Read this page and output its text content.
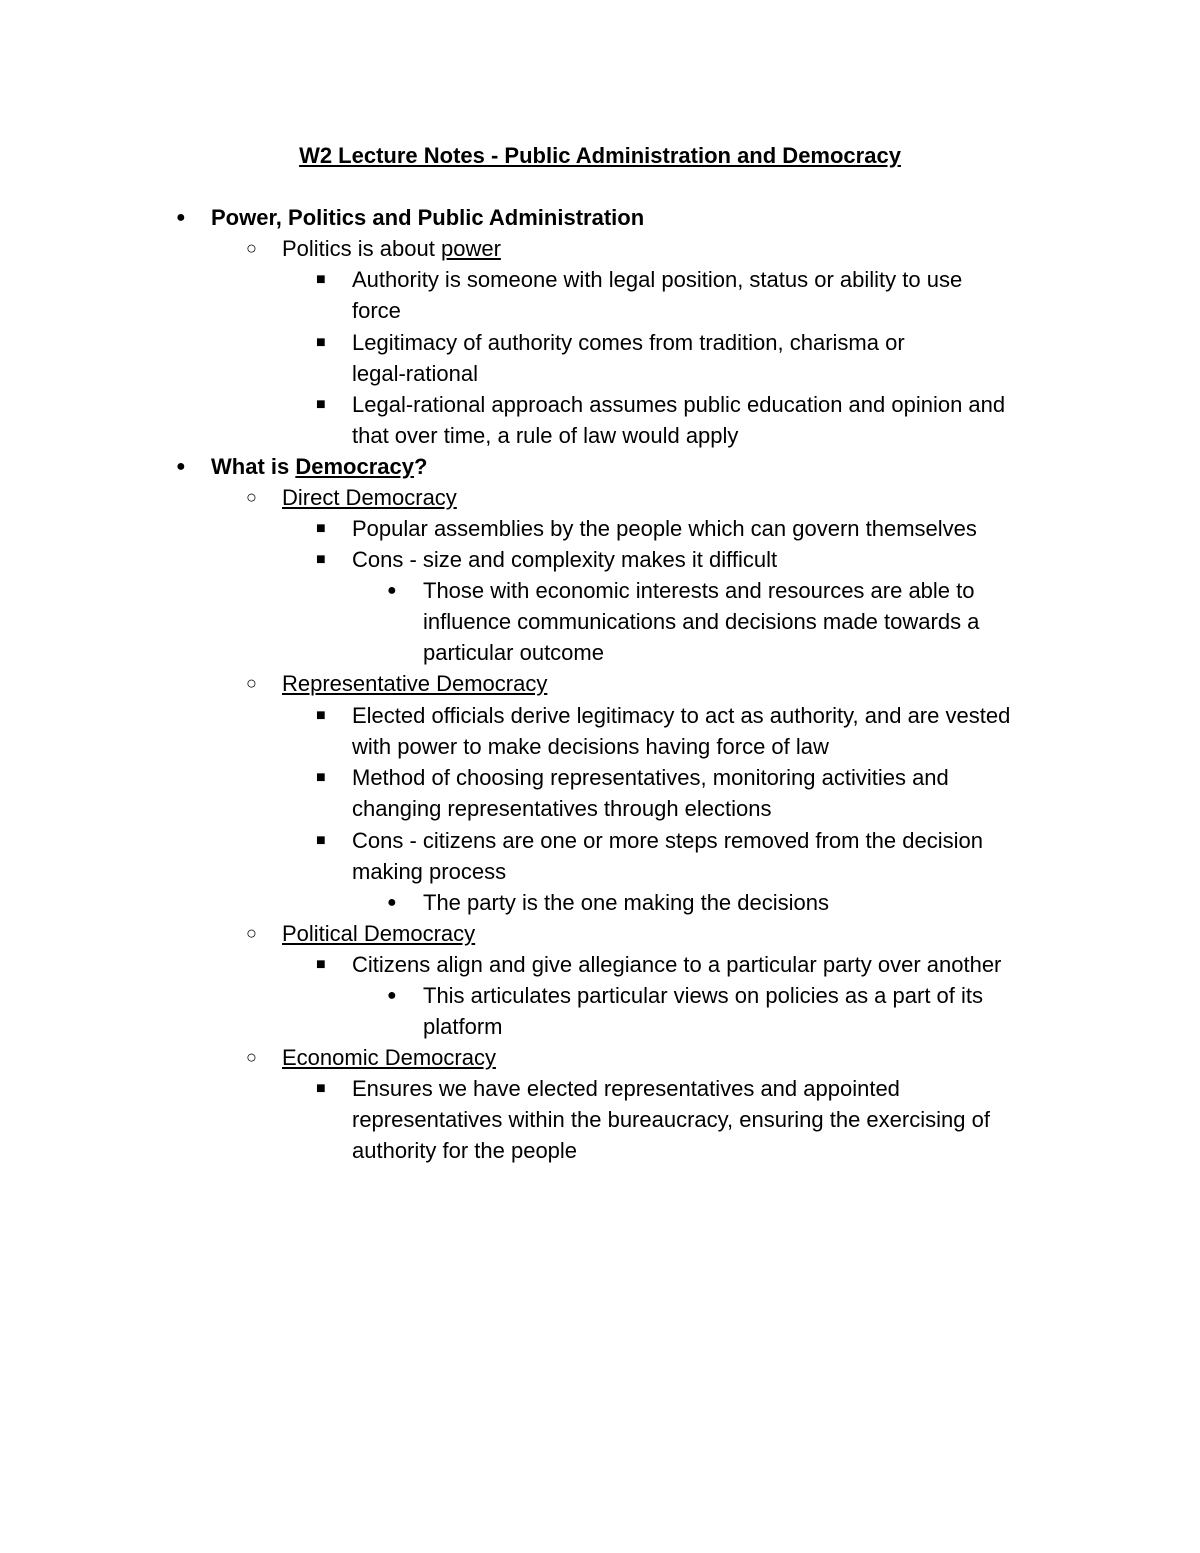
W2 Lecture Notes - Public Administration and Democracy
● Power, Politics and Public Administration
○ Politics is about power
■ Authority is someone with legal position, status or ability to use
force
■ Legitimacy of authority comes from tradition, charisma or
legal-rational
■ Legal-rational approach assumes public education and opinion and
that over time, a rule of law would apply
● What is Democracy?
○ Direct Democracy
■ Popular assemblies by the people which can govern themselves
■ Cons - size and complexity makes it difficult
● Those with economic interests and resources are able to
influence communications and decisions made towards a
particular outcome
○ Representative Democracy
■ Elected officials derive legitimacy to act as authority, and are vested
with power to make decisions having force of law
■ Method of choosing representatives, monitoring activities and
changing representatives through elections
■ Cons - citizens are one or more steps removed from the decision
making process
● The party is the one making the decisions
○ Political Democracy
■ Citizens align and give allegiance to a particular party over another
● This articulates particular views on policies as a part of its
platform
○ Economic Democracy
■ Ensures we have elected representatives and appointed
representatives within the bureaucracy, ensuring the exercising of
authority for the people
